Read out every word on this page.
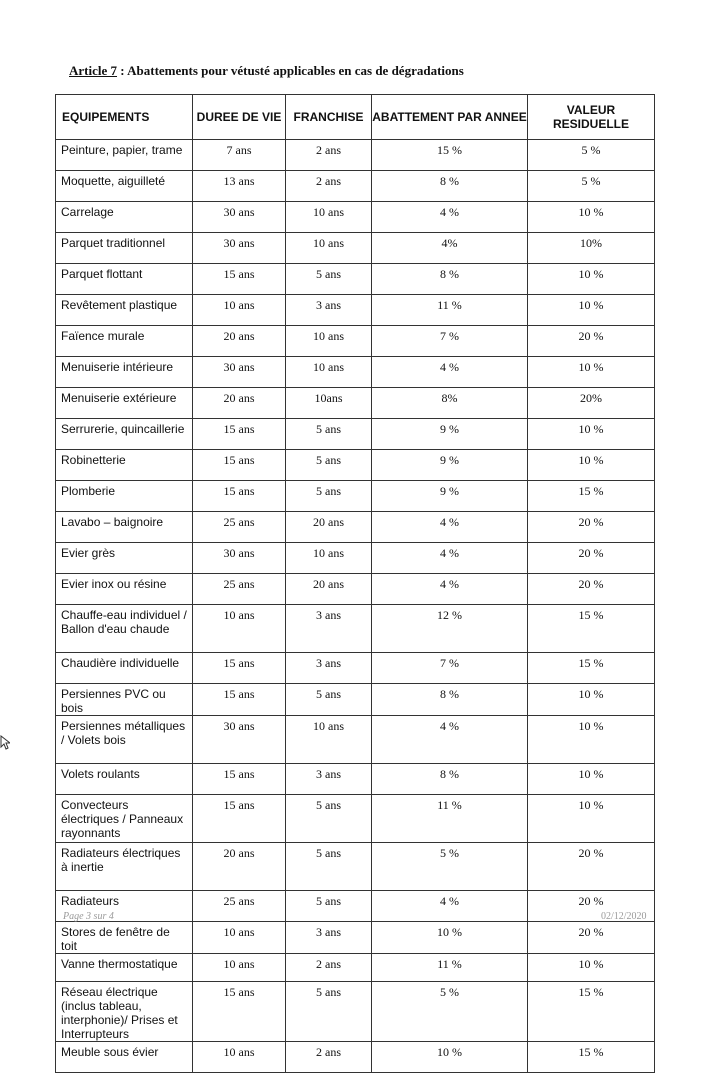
Article 7 : Abattements pour vétusté applicables en cas de dégradations
EQUIPEMENTS	DUREE DE VIE	FRANCHISE	ABATTEMENT PAR ANNEE	VALEUR RESIDUELLE
Peinture, papier, trame	7 ans	2 ans	15 %	5 %
Moquette, aiguilleté	13 ans	2 ans	8 %	5 %
Carrelage	30 ans	10 ans	4 %	10 %
Parquet traditionnel	30 ans	10 ans	4%	10%
Parquet flottant	15 ans	5 ans	8 %	10 %
Revêtement plastique	10 ans	3 ans	11 %	10 %
Faïence murale	20 ans	10 ans	7 %	20 %
Menuiserie intérieure	30 ans	10 ans	4 %	10 %
Menuiserie extérieure	20 ans	10ans	8%	20%
Serrurerie, quincaillerie	15 ans	5 ans	9 %	10 %
Robinetterie	15 ans	5 ans	9 %	10 %
Plomberie	15 ans	5 ans	9 %	15 %
Lavabo – baignoire	25 ans	20 ans	4 %	20 %
Evier grès	30 ans	10 ans	4 %	20 %
Evier inox ou résine	25 ans	20 ans	4 %	20 %
Chauffe-eau individuel / Ballon d'eau chaude	10 ans	3 ans	12 %	15 %
Chaudière individuelle	15 ans	3 ans	7 %	15 %
Persiennes PVC ou bois	15 ans	5 ans	8 %	10 %
Persiennes métalliques / Volets bois	30 ans	10 ans	4 %	10 %
Volets roulants	15 ans	3 ans	8 %	10 %
Convecteurs électriques / Panneaux rayonnants	15 ans	5 ans	11 %	10 %
Radiateurs électriques à inertie	20 ans	5 ans	5 %	20 %
Radiateurs	25 ans	5 ans	4 %	20 %
Stores de fenêtre de toit	10 ans	3 ans	10 %	20 %
Vanne thermostatique	10 ans	2 ans	11 %	10 %
Réseau électrique (inclus tableau, interphonie)/ Prises et Interrupteurs	15 ans	5 ans	5 %	15 %
Meuble sous évier	10 ans	2 ans	10 %	15 %
Page 3 sur 4	02/12/2020
